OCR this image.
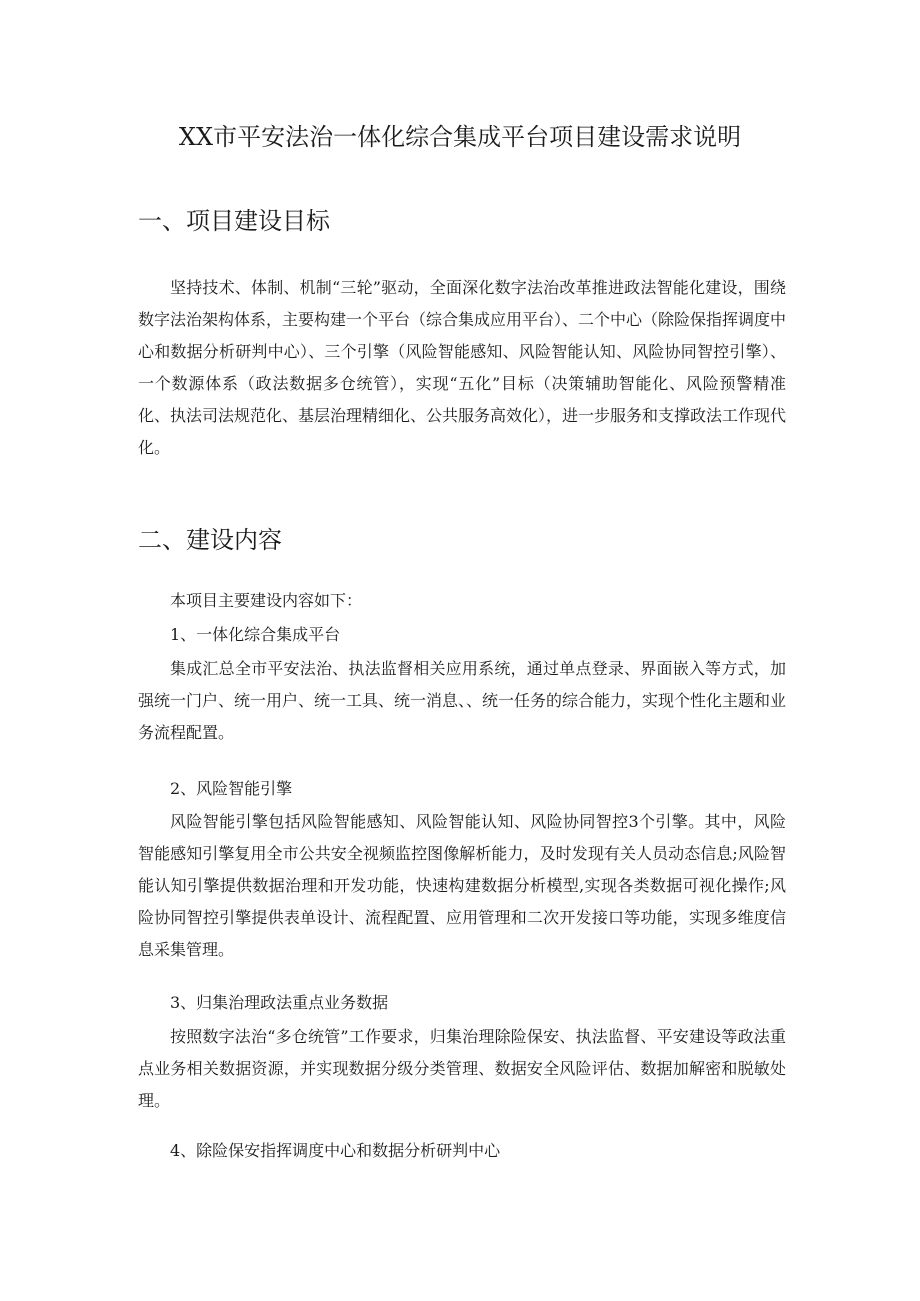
XX市平安法治一体化综合集成平台项目建设需求说明
一、项目建设目标

坚持技术、体制、机制“三轮”驱动，全面深化数字法治改革推进政法智能化建设，围绕数字法治架构体系，主要构建一个平台（综合集成应用平台）、二个中心（除险保指挥调度中心和数据分析研判中心）、三个引擎（风险智能感知、风险智能认知、风险协同智控引擎）、一个数源体系（政法数据多仓统管），实现“五化”目标（决策辅助智能化、风险预警精准化、执法司法规范化、基层治理精细化、公共服务高效化），进一步服务和支撑政法工作现代化。

二、建设内容

本项目主要建设内容如下：

1、一体化综合集成平台

集成汇总全市平安法治、执法监督相关应用系统，通过单点登录、界面嵌入等方式，加强统一门户、统一用户、统一工具、统一消息、、统一任务的综合能力，实现个性化主题和业务流程配置。

2、风险智能引擎

风险智能引擎包括风险智能感知、风险智能认知、风险协同智控3个引擎。其中，风险智能感知引擎复用全市公共安全视频监控图像解析能力，及时发现有关人员动态信息;风险智能认知引擎提供数据治理和开发功能，快速构建数据分析模型,实现各类数据可视化操作;风险协同智控引擎提供表单设计、流程配置、应用管理和二次开发接口等功能，实现多维度信息采集管理。

3、归集治理政法重点业务数据

按照数字法治“多仓统管”工作要求，归集治理除险保安、执法监督、平安建设等政法重点业务相关数据资源，并实现数据分级分类管理、数据安全风险评估、数据加解密和脱敏处理。

4、除险保安指挥调度中心和数据分析研判中心
